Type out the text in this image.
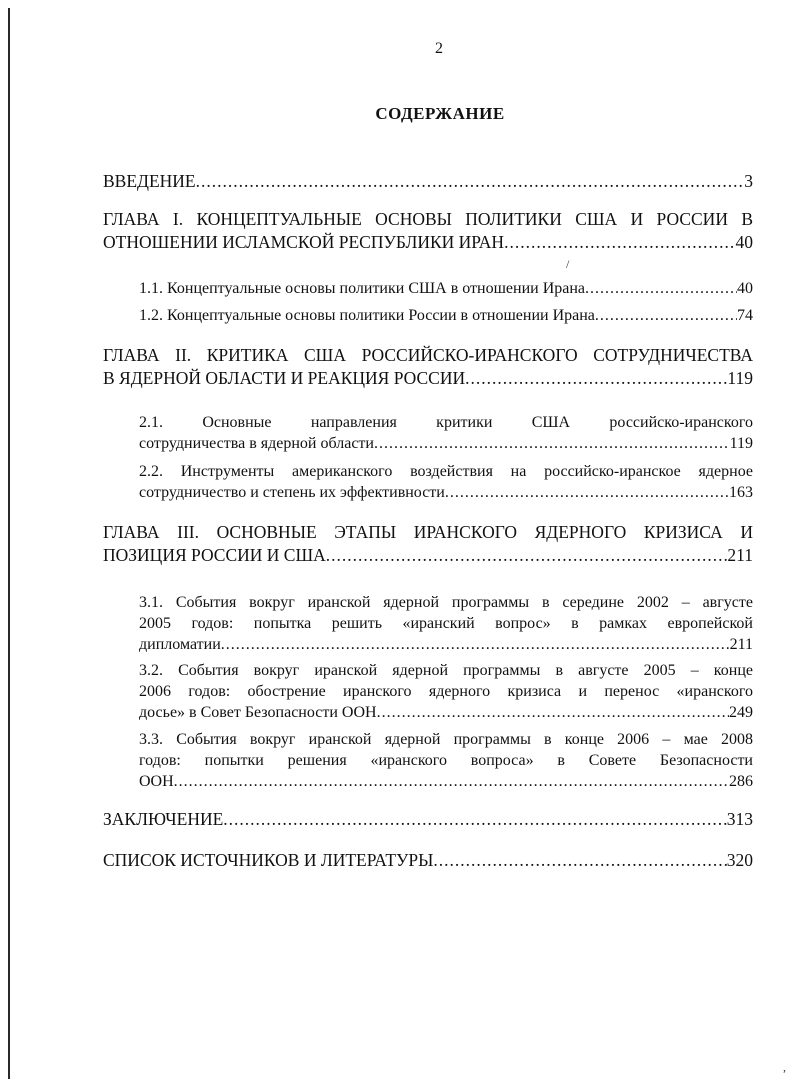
2
СОДЕРЖАНИЕ
ВВЕДЕНИЕ .....	3
ГЛАВА I. КОНЦЕПТУАЛЬНЫЕ ОСНОВЫ ПОЛИТИКИ США И РОССИИ В
ОТНОШЕНИИ ИСЛАМСКОЙ РЕСПУБЛИКИ ИРАН .....	40
/
1.1. Концептуальные основы политики США в отношении Ирана .....	40
1.2. Концептуальные основы политики России в отношении Ирана .....	74
ГЛАВА II. КРИТИКА США РОССИЙСКО-ИРАНСКОГО СОТРУДНИЧЕСТВА
В ЯДЕРНОЙ ОБЛАСТИ И РЕАКЦИЯ РОССИИ .....	119
2.1. Основные направления критики США российско-иранского
сотрудничества в ядерной области .....	119
2.2. Инструменты американского воздействия на российско-иранское ядерное
сотрудничество и степень их эффективности .....	163
ГЛАВА III. ОСНОВНЫЕ ЭТАПЫ ИРАНСКОГО ЯДЕРНОГО КРИЗИСА И
ПОЗИЦИЯ РОССИИ И США .....	211
3.1. События вокруг иранской ядерной программы в середине 2002 – августе
2005 годов: попытка решить «иранский вопрос» в рамках европейской
дипломатии .....	211
3.2. События вокруг иранской ядерной программы в августе 2005 – конце
2006 годов: обострение иранского ядерного кризиса и перенос «иранского
досье» в Совет Безопасности ООН .....	249
3.3. События вокруг иранской ядерной программы в конце 2006 – мае 2008
годов: попытки решения «иранского вопроса» в Совете Безопасности
ООН .....	286
ЗАКЛЮЧЕНИЕ .....	313
СПИСОК ИСТОЧНИКОВ И ЛИТЕРАТУРЫ .....	320
,
